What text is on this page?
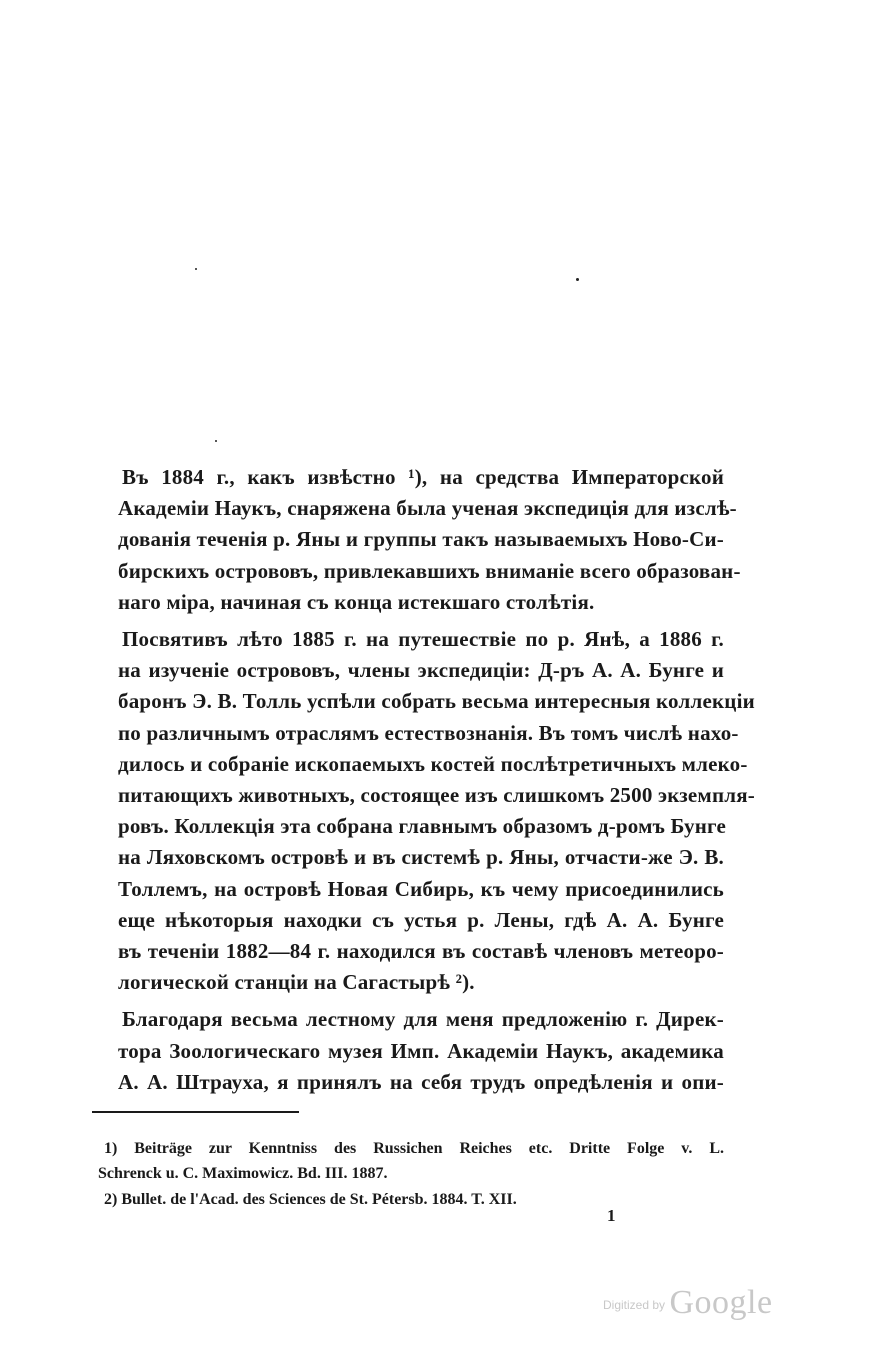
Въ 1884 г., какъ извѣстно ¹), на средства Императорской
Академіи Наукъ, снаряжена была ученая экспедиція для изслѣ-
дованія теченія р. Яны и группы такъ называемыхъ Ново-Си-
бирскихъ острововъ, привлекавшихъ вниманіе всего образован-
наго міра, начиная съ конца истекшаго столѣтія.
Посвятивъ лѣто 1885 г. на путешествіе по р. Янѣ, а 1886 г.
на изученіе острововъ, члены экспедиціи: Д-ръ А. А. Бунге и
баронъ Э. В. Толль успѣли собрать весьма интересныя коллекціи
по различнымъ отраслямъ естествознанія. Въ томъ числѣ нахо-
дилось и собраніе ископаемыхъ костей послѣтретичныхъ млеко-
питающихъ животныхъ, состоящее изъ слишкомъ 2500 экземпля-
ровъ. Коллекція эта собрана главнымъ образомъ д-ромъ Бунге
на Ляховскомъ островѣ и въ системѣ р. Яны, отчасти-же Э. В.
Толлемъ, на островѣ Новая Сибирь, къ чему присоединились
еще нѣкоторыя находки съ устья р. Лены, гдѣ А. А. Бунге
въ теченіи 1882—84 г. находился въ составѣ членовъ метеоро-
логической станціи на Сагастырѣ ²).
Благодаря весьма лестному для меня предложенію г. Дирек-
тора Зоологическаго музея Имп. Академіи Наукъ, академика
А. А. Штрауха, я принялъ на себя трудъ опредѣленія и опи-
1) Beiträge zur Kenntniss des Russichen Reiches etc. Dritte Folge v. L.
Schrenck u. C. Maximowicz. Bd. III. 1887.
2) Bullet. de l'Acad. des Sciences de St. Pétersb. 1884. T. XII.
1
$^{Digitized by}$ Google
